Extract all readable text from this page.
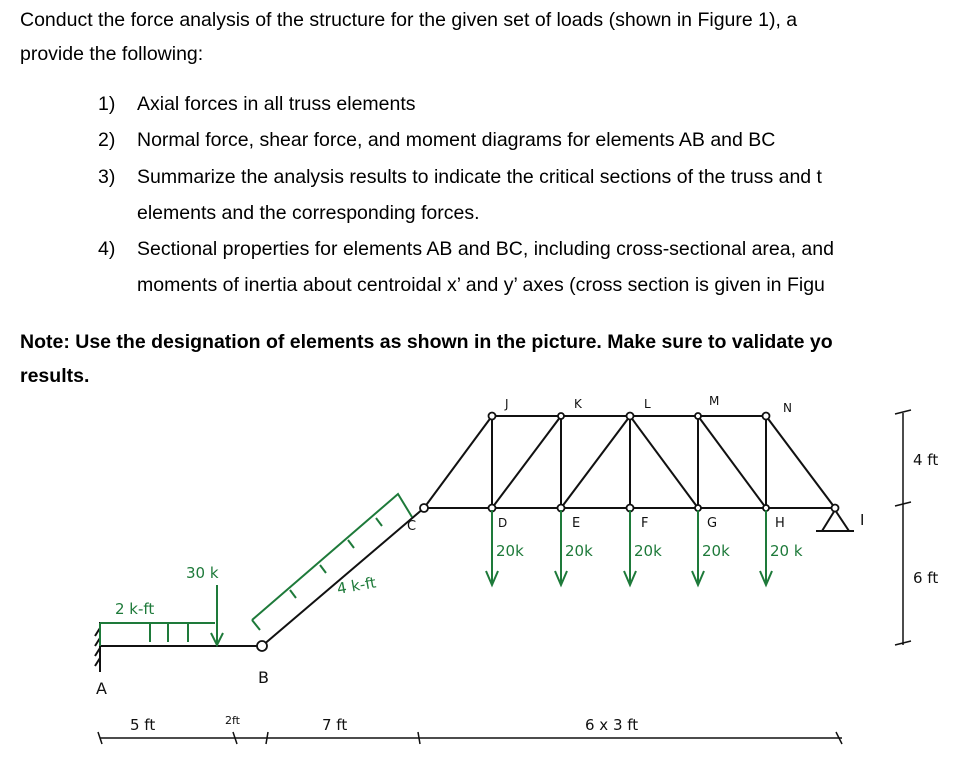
Conduct the force analysis of the structure for the given set of loads (shown in Figure 1), a
provide the following:
1) Axial forces in all truss elements
2) Normal force, shear force, and moment diagrams for elements AB and BC
3) Summarize the analysis results to indicate the critical sections of the truss and t
elements and the corresponding forces.
4) Sectional properties for elements AB and BC, including cross-sectional area, and
moments of inertia about centroidal x’ and y’ axes (cross section is given in Figu
Note: Use the designation of elements as shown in the picture. Make sure to validate yo
results.
A
B
C	D	E	F	G	H	I
J	K	L	M	N
2 k-ft
30 k
4 k-ft
20k	20k	20k	20k	20 k
5 ft	2ft	7 ft	6 x 3 ft
4 ft
6 ft
